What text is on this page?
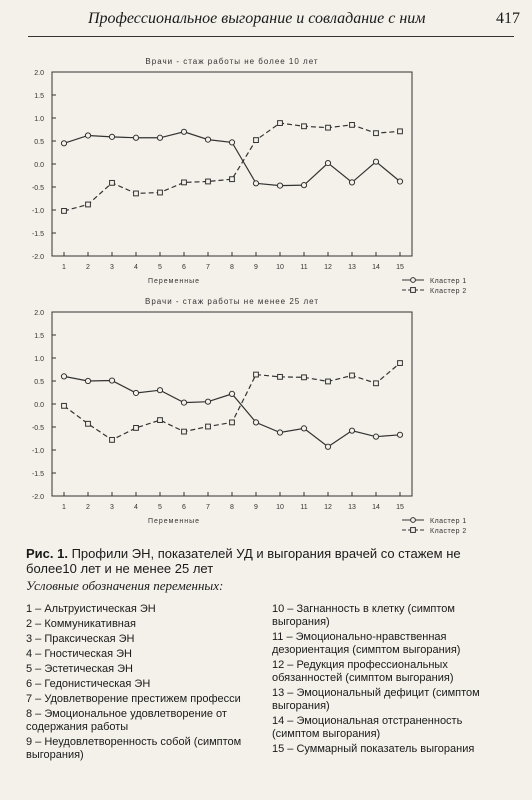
Профессиональное выгорание и совладание с ним	417
Врачи - стаж работы не более 10 лет
2.0
1.5
1.0
0.5
0.0
-0.5
-1.0
-1.5
-2.0
1	2	3	4	5	6	7	8	9	10 11 12 13 14 15
Переменные	Кластер 1
Кластер 2
Врачи - стаж работы не менее 25 лет
2.0
1.5
1.0
0.5
0.0
-0.5
-1.0
-1.5
-2.0
1	2	3	4	5	6	7	8	9	10 11 12 13 14 15
Переменные	Кластер 1
Кластер 2
Рис. 1. Профили ЭН, показателей УД и выгорания врачей со стажем не более10 лет и не менее 25 лет
Условные обозначения переменных:
1 – Альтруистическая ЭН
2 – Коммуникативная
3 – Праксическая ЭН
4 – Гностическая ЭН
5 – Эстетическая ЭН
6 – Гедонистическая ЭН
7 – Удовлетворение престижем професси
8 – Эмоциональное удовлетворение от содержания работы
9 – Неудовлетворенность собой (симптом выгорания)
10 – Загнанность в клетку (симптом выгорания)
11 – Эмоционально-нравственная дезориентация (симптом выгорания)
12 – Редукция профессиональных обязанностей (симптом выгорания)
13 – Эмоциональный дефицит (симптом выгорания)
14 – Эмоциональная отстраненность (симптом выгорания)
15 – Суммарный показатель выгорания
